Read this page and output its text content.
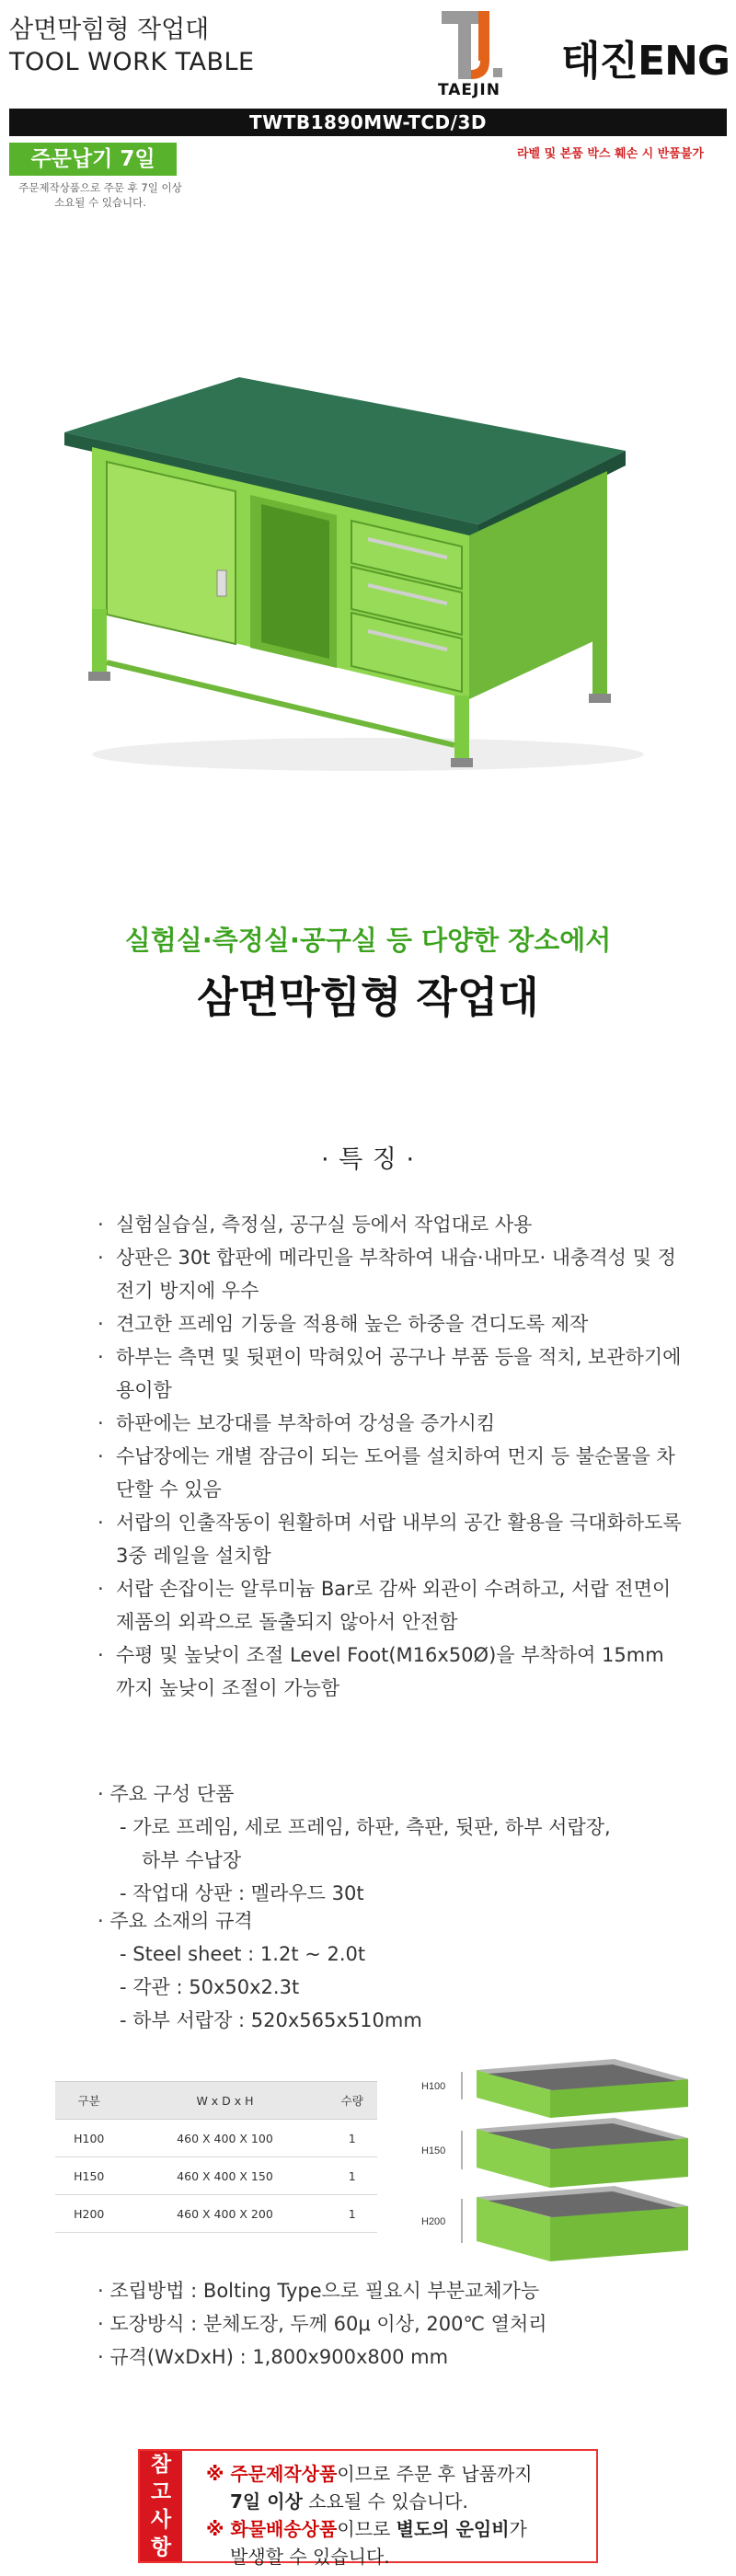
삼면막힘형 작업대
TOOL WORK TABLE	태진ENG
TAEJIN
TWTB1890MW-TCD/3D
주문납기 7일
주문제작상품으로 주문 후 7일 이상 소요될 수 있습니다.
라벨 및 본품 박스 훼손 시 반품불가
실험실·측정실·공구실 등 다양한 장소에서
삼면막힘형 작업대
· 특 징 ·
· 실험실습실, 측정실, 공구실 등에서 작업대로 사용
· 상판은 30t 합판에 메라민을 부착하여 내습·내마모· 내충격성 및 정전기 방지에 우수
· 견고한 프레임 기둥을 적용해 높은 하중을 견디도록 제작
· 하부는 측면 및 뒷편이 막혀있어 공구나 부품 등을 적치, 보관하기에 용이함
· 하판에는 보강대를 부착하여 강성을 증가시킴
· 수납장에는 개별 잠금이 되는 도어를 설치하여 먼지 등 불순물을 차단할 수 있음
· 서랍의 인출작동이 원활하며 서랍 내부의 공간 활용을 극대화하도록 3중 레일을 설치함
· 서랍 손잡이는 알루미늄 Bar로 감싸 외관이 수려하고, 서랍 전면이 제품의 외곽으로 돌출되지 않아서 안전함
· 수평 및 높낮이 조절 Level Foot(M16x50Ø)을 부착하여 15mm 까지 높낮이 조절이 가능함
· 주요 구성 단품
- 가로 프레임, 세로 프레임, 하판, 측판, 뒷판, 하부 서랍장,
하부 수납장
- 작업대 상판 : 멜라우드 30t
· 주요 소재의 규격
- Steel sheet : 1.2t ~ 2.0t
- 각관 : 50x50x2.3t
- 하부 서랍장 : 520x565x510mm
구분	W x D x H	수량
H100	460 X 400 X 100	1
H150	460 X 400 X 150	1
H200	460 X 400 X 200	1
H100
H150
H200
· 조립방법 : Bolting Type으로 필요시 부분교체가능
· 도장방식 : 분체도장, 두께 60μ 이상, 200℃ 열처리
· 규격(WxDxH) : 1,800x900x800 mm
참고사항
※ 주문제작상품이므로 주문 후 납품까지
7일 이상 소요될 수 있습니다.
※ 화물배송상품이므로 별도의 운임비가
발생할 수 있습니다.
